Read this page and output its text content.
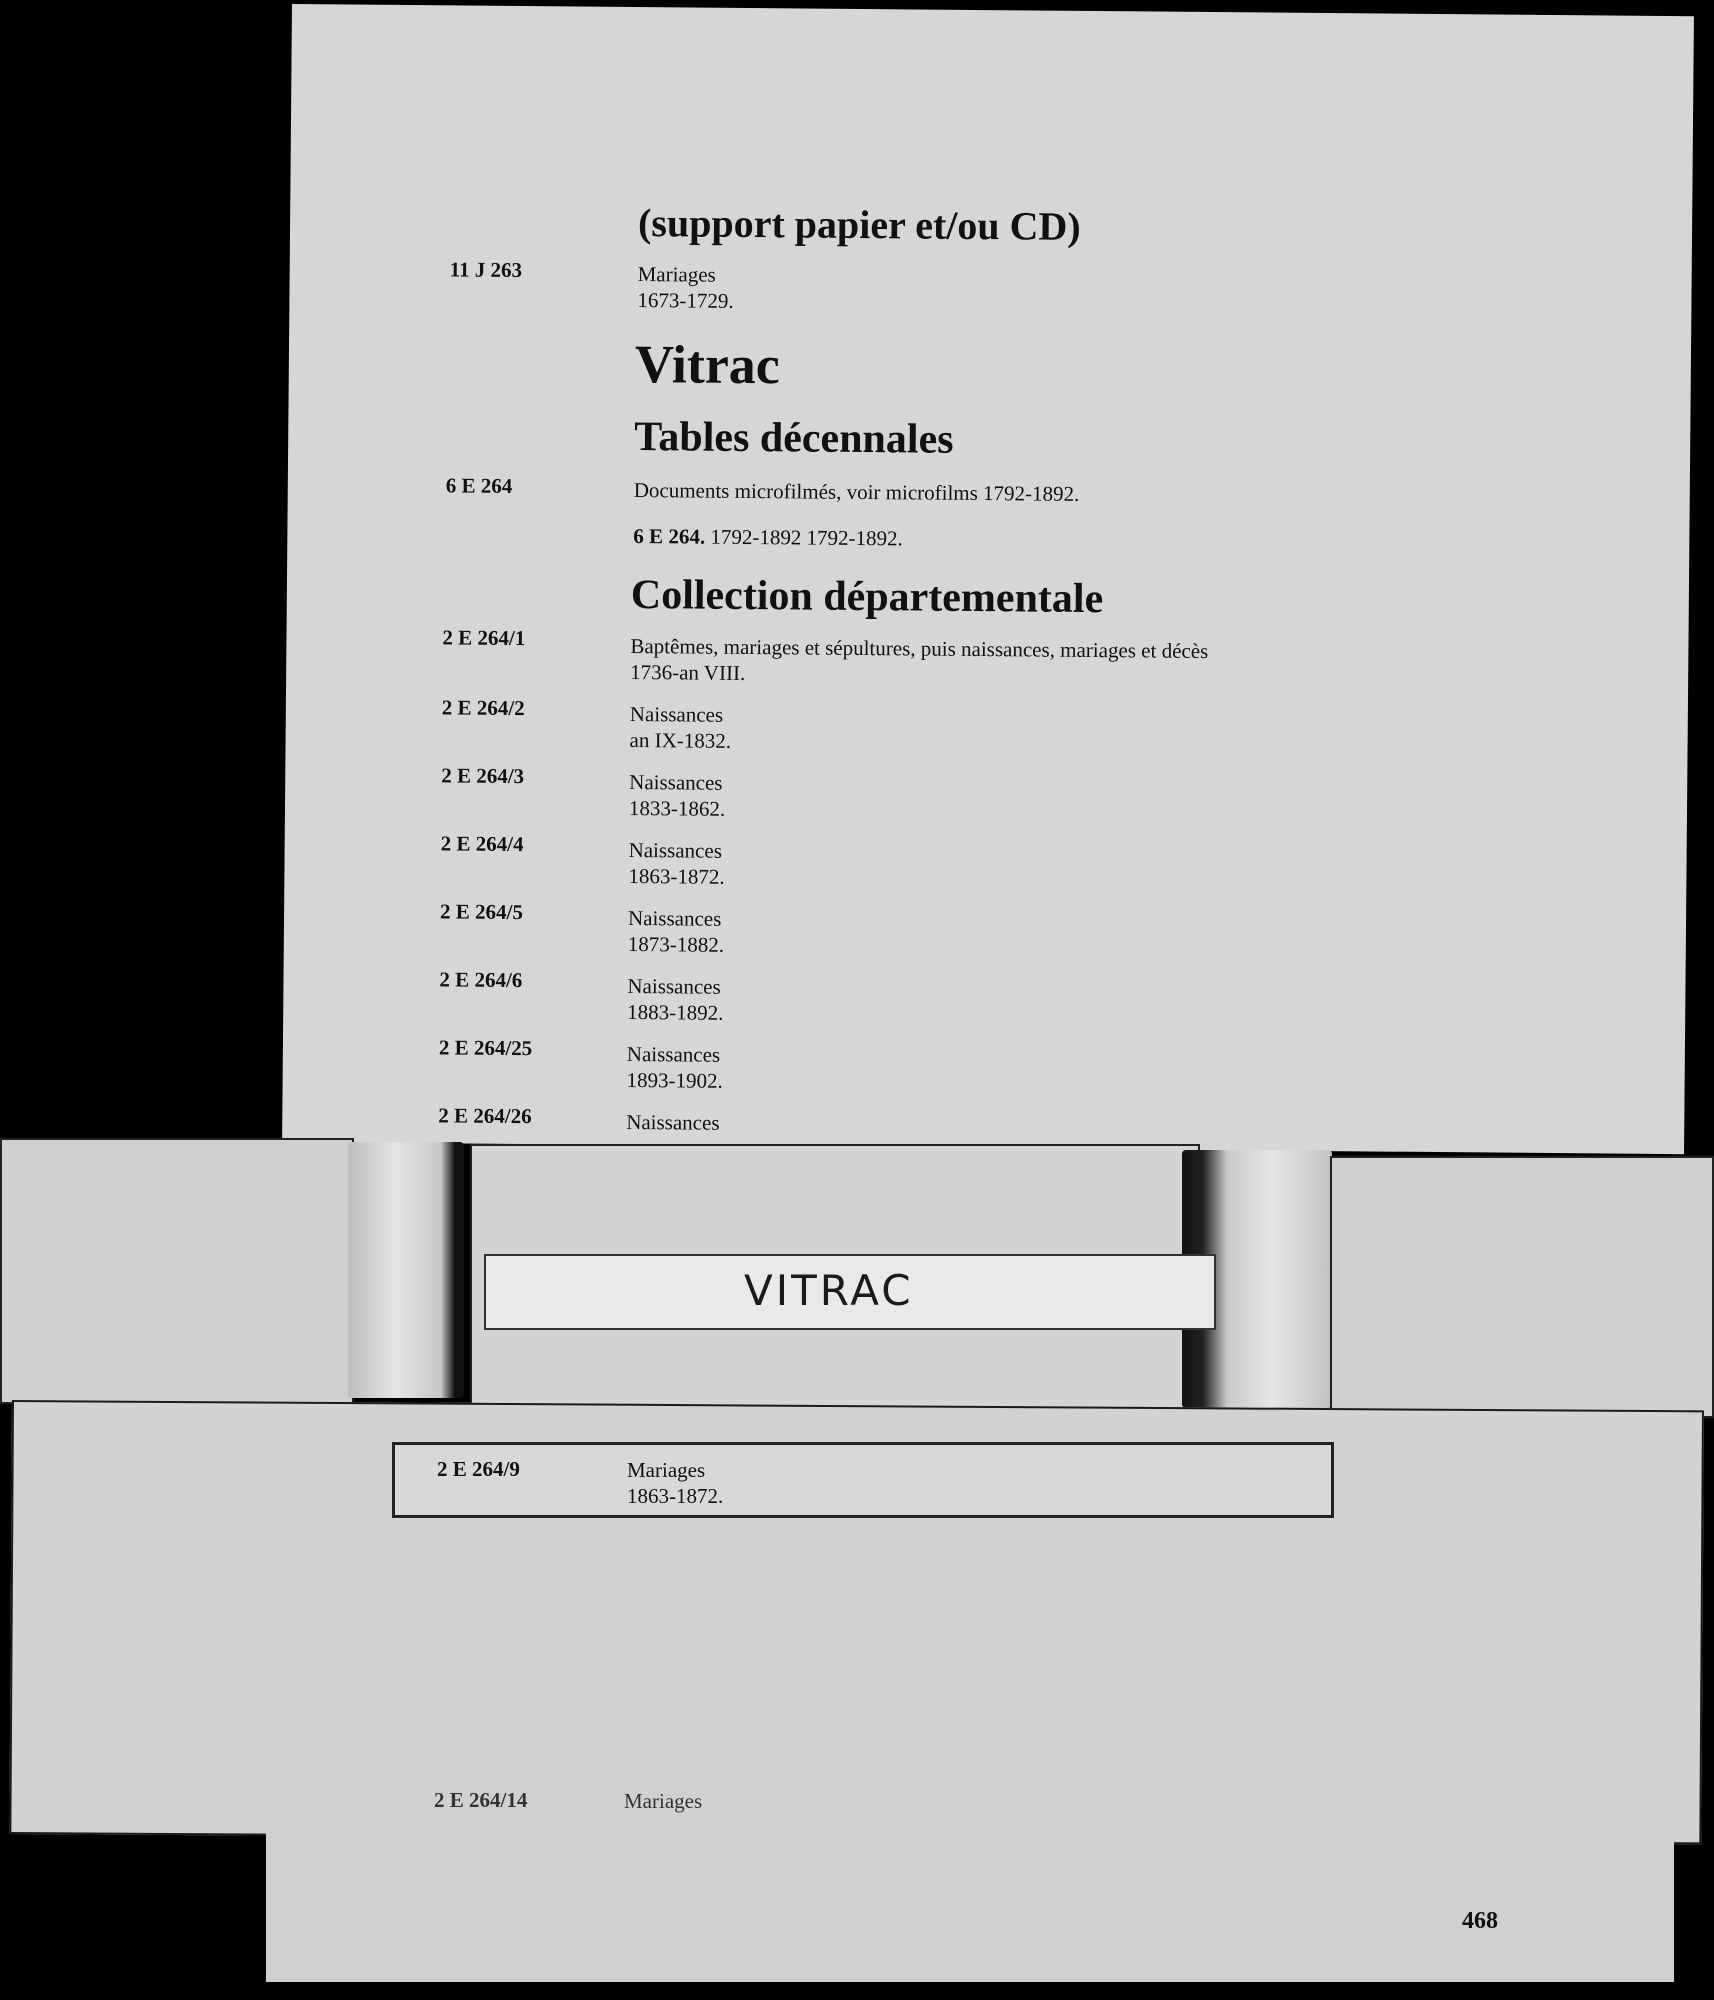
(support papier et/ou CD)
11 J 263	Mariages
1673-1729.
Vitrac
Tables décennales
6 E 264	Documents microfilmés, voir microfilms 1792-1892.
6 E 264. 1792-1892 1792-1892.
Collection départementale
2 E 264/1	Baptêmes, mariages et sépultures, puis naissances, mariages et décès
1736-an VIII.
2 E 264/2	Naissances
an IX-1832.
2 E 264/3	Naissances
1833-1862.
2 E 264/4	Naissances
1863-1872.
2 E 264/5	Naissances
1873-1882.
2 E 264/6	Naissances
1883-1892.
2 E 264/25	Naissances
1893-1902.
2 E 264/26	Naissances
VITRAC
2 E 264/9	Mariages
1863-1872.
2 E 264/14	Mariages
468
